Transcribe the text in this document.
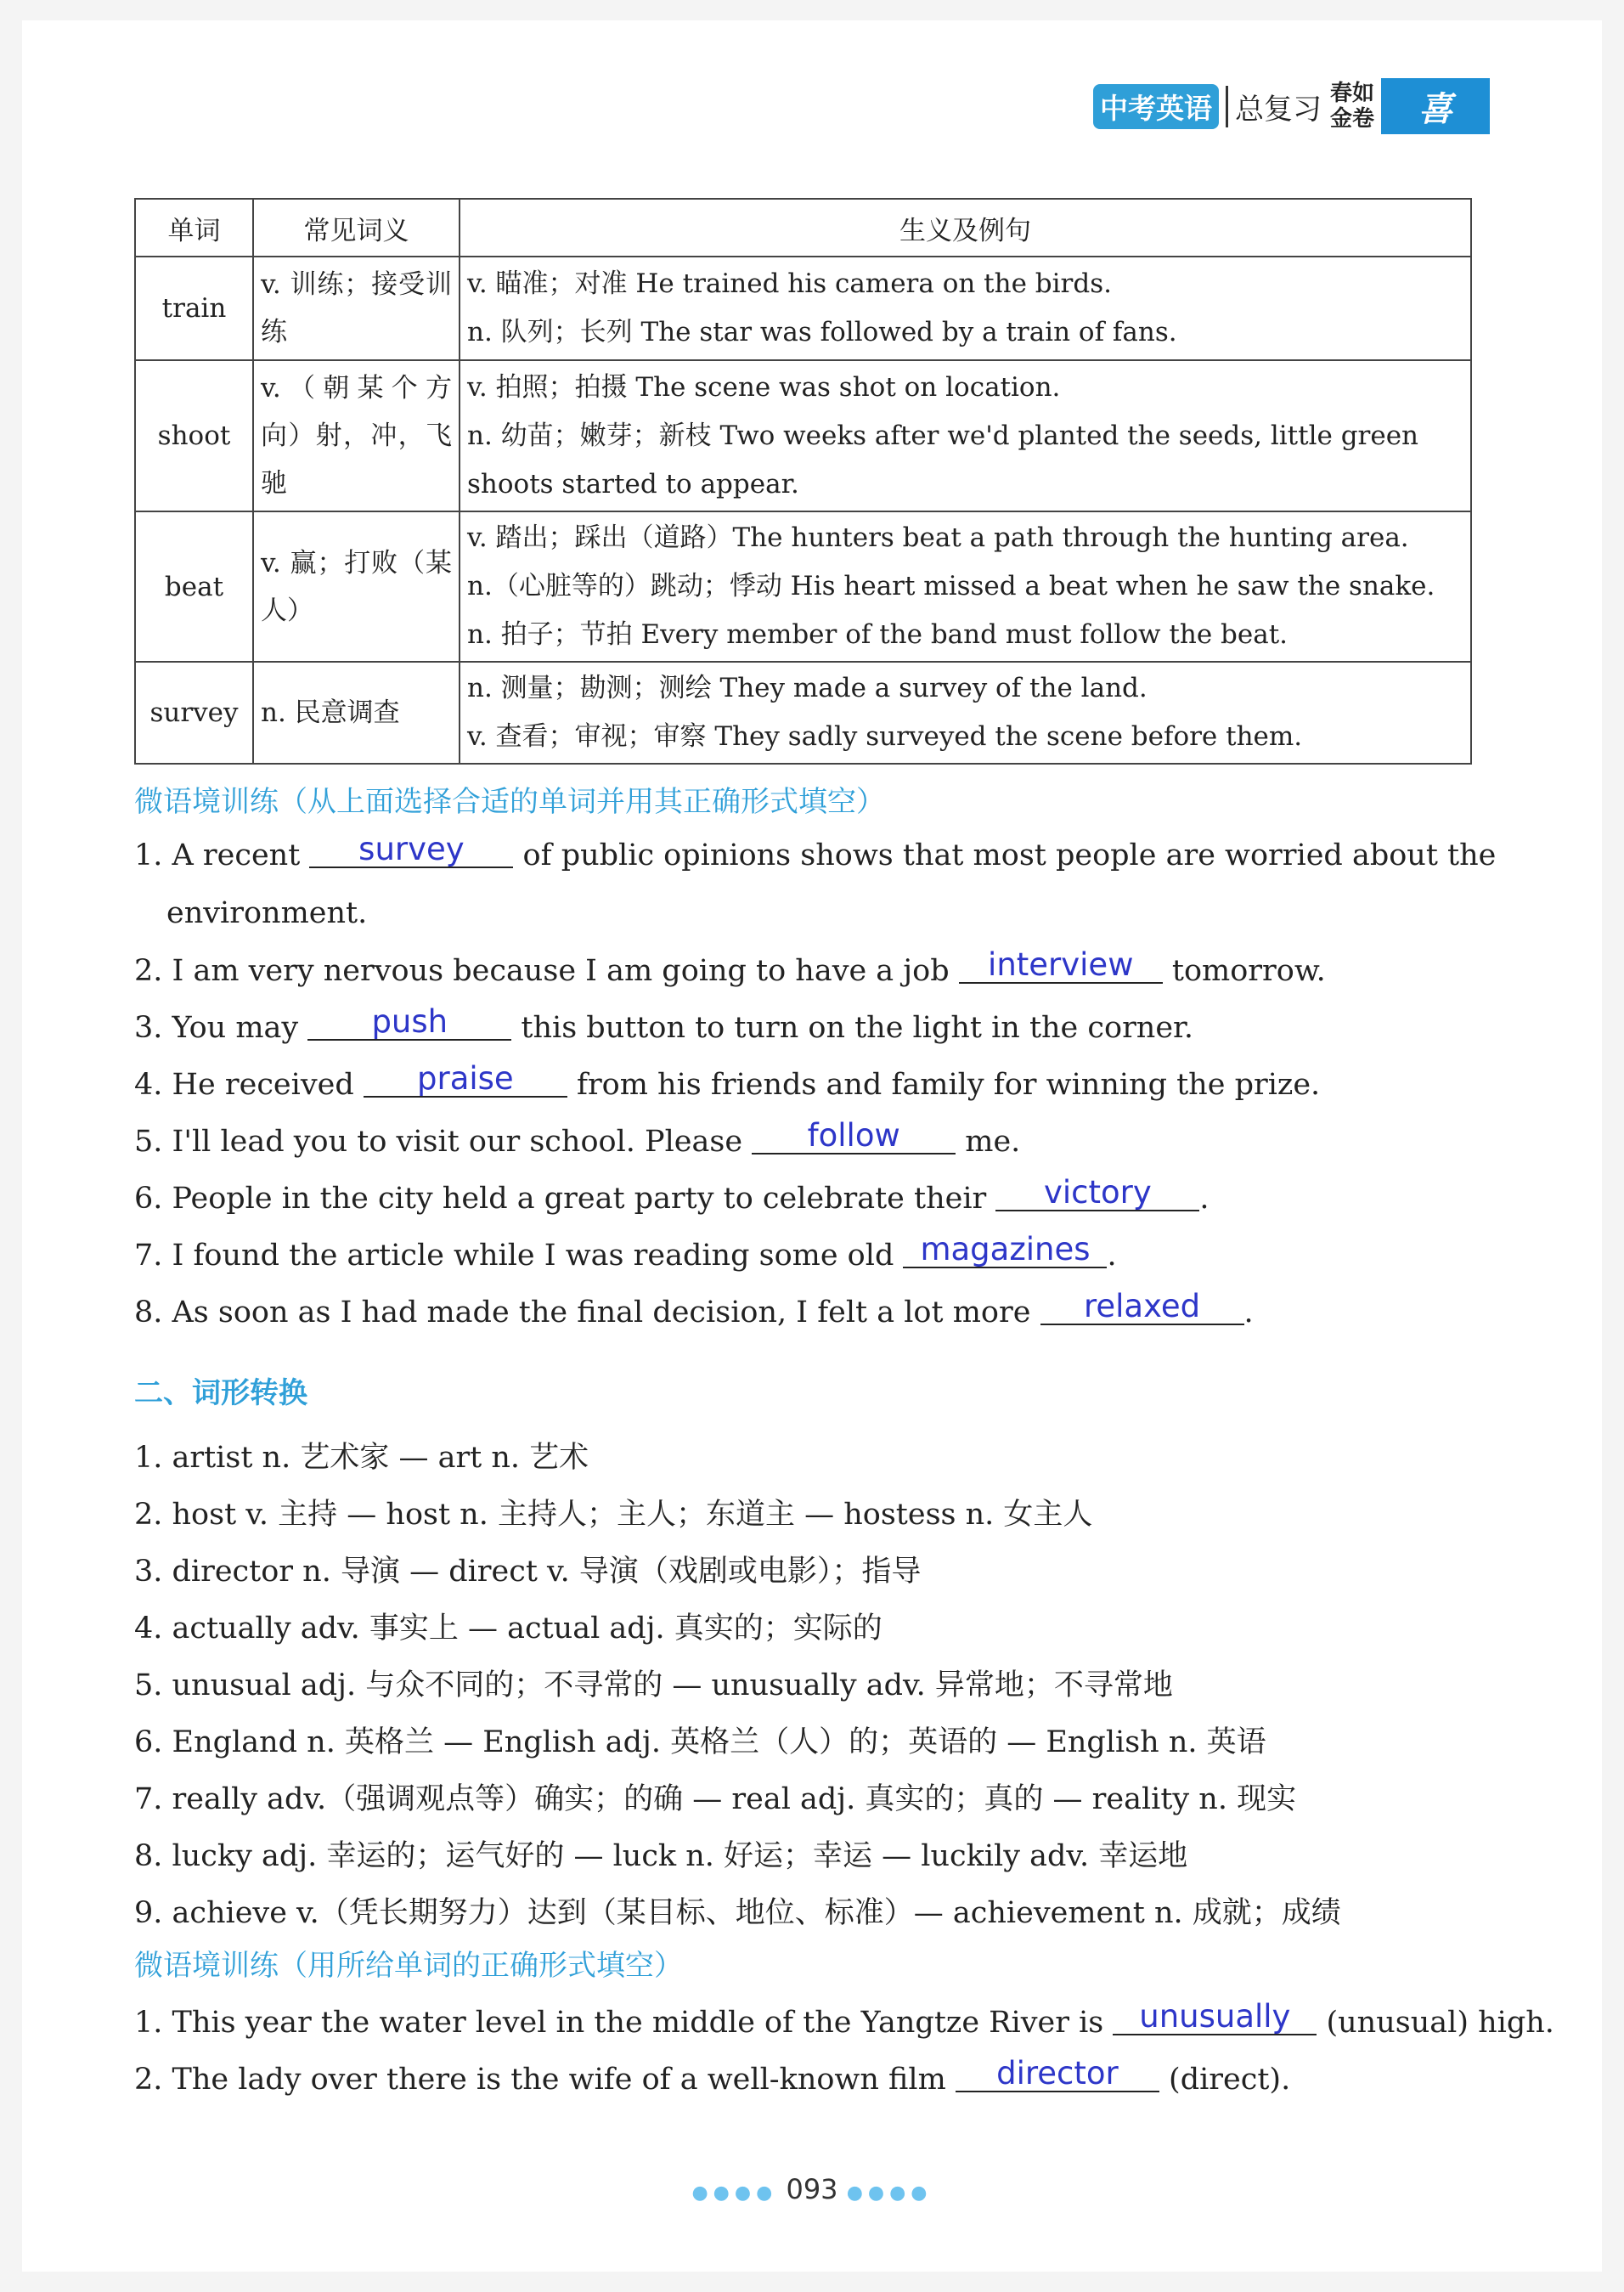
中考英语 总复习 春如金卷	喜
单词	常见词义	生义及例句
train	v. 训练；接受训练	v. 瞄准；对准 He trained his camera on the birds.
n. 队列；长列 The star was followed by a train of fans.

shoot	v.（朝某个方向）射，冲，飞驰	v. 拍照；拍摄 The scene was shot on location.
n. 幼苗；嫩芽；新枝 Two weeks after we'd planted the seeds, little green shoots started to appear.

beat	v. 赢；打败（某人）	v. 踏出；踩出（道路）The hunters beat a path through the hunting area.
n.（心脏等的）跳动；悸动 His heart missed a beat when he saw the snake.
n. 拍子；节拍 Every member of the band must follow the beat.

survey	n. 民意调查	n. 测量；勘测；测绘 They made a survey of the land.
v. 查看；审视；审察 They sadly surveyed the scene before them.
微语境训练（从上面选择合适的单词并用其正确形式填空）
1. A recent survey of public opinions shows that most people are worried about the
environment.
2. I am very nervous because I am going to have a job interview tomorrow.
3. You may push this button to turn on the light in the corner.
4. He received praise from his friends and family for winning the prize.
5. I'll lead you to visit our school. Please follow me.
6. People in the city held a great party to celebrate their victory .
7. I found the article while I was reading some old magazines .
8. As soon as I had made the final decision, I felt a lot more relaxed .
二、词形转换
1. artist n. 艺术家 — art n. 艺术
2. host v. 主持 — host n. 主持人；主人；东道主 — hostess n. 女主人
3. director n. 导演 — direct v. 导演（戏剧或电影）；指导
4. actually adv. 事实上 — actual adj. 真实的；实际的
5. unusual adj. 与众不同的；不寻常的 — unusually adv. 异常地；不寻常地
6. England n. 英格兰 — English adj. 英格兰（人）的；英语的 — English n. 英语
7. really adv.（强调观点等）确实；的确 — real adj. 真实的；真的 — reality n. 现实
8. lucky adj. 幸运的；运气好的 — luck n. 好运；幸运 — luckily adv. 幸运地
9. achieve v.（凭长期努力）达到（某目标、地位、标准）— achievement n. 成就；成绩
微语境训练（用所给单词的正确形式填空）
1. This year the water level in the middle of the Yangtze River is unusually (unusual) high.
2. The lady over there is the wife of a well-known film director (direct).
●●●● 093 ●●●●
